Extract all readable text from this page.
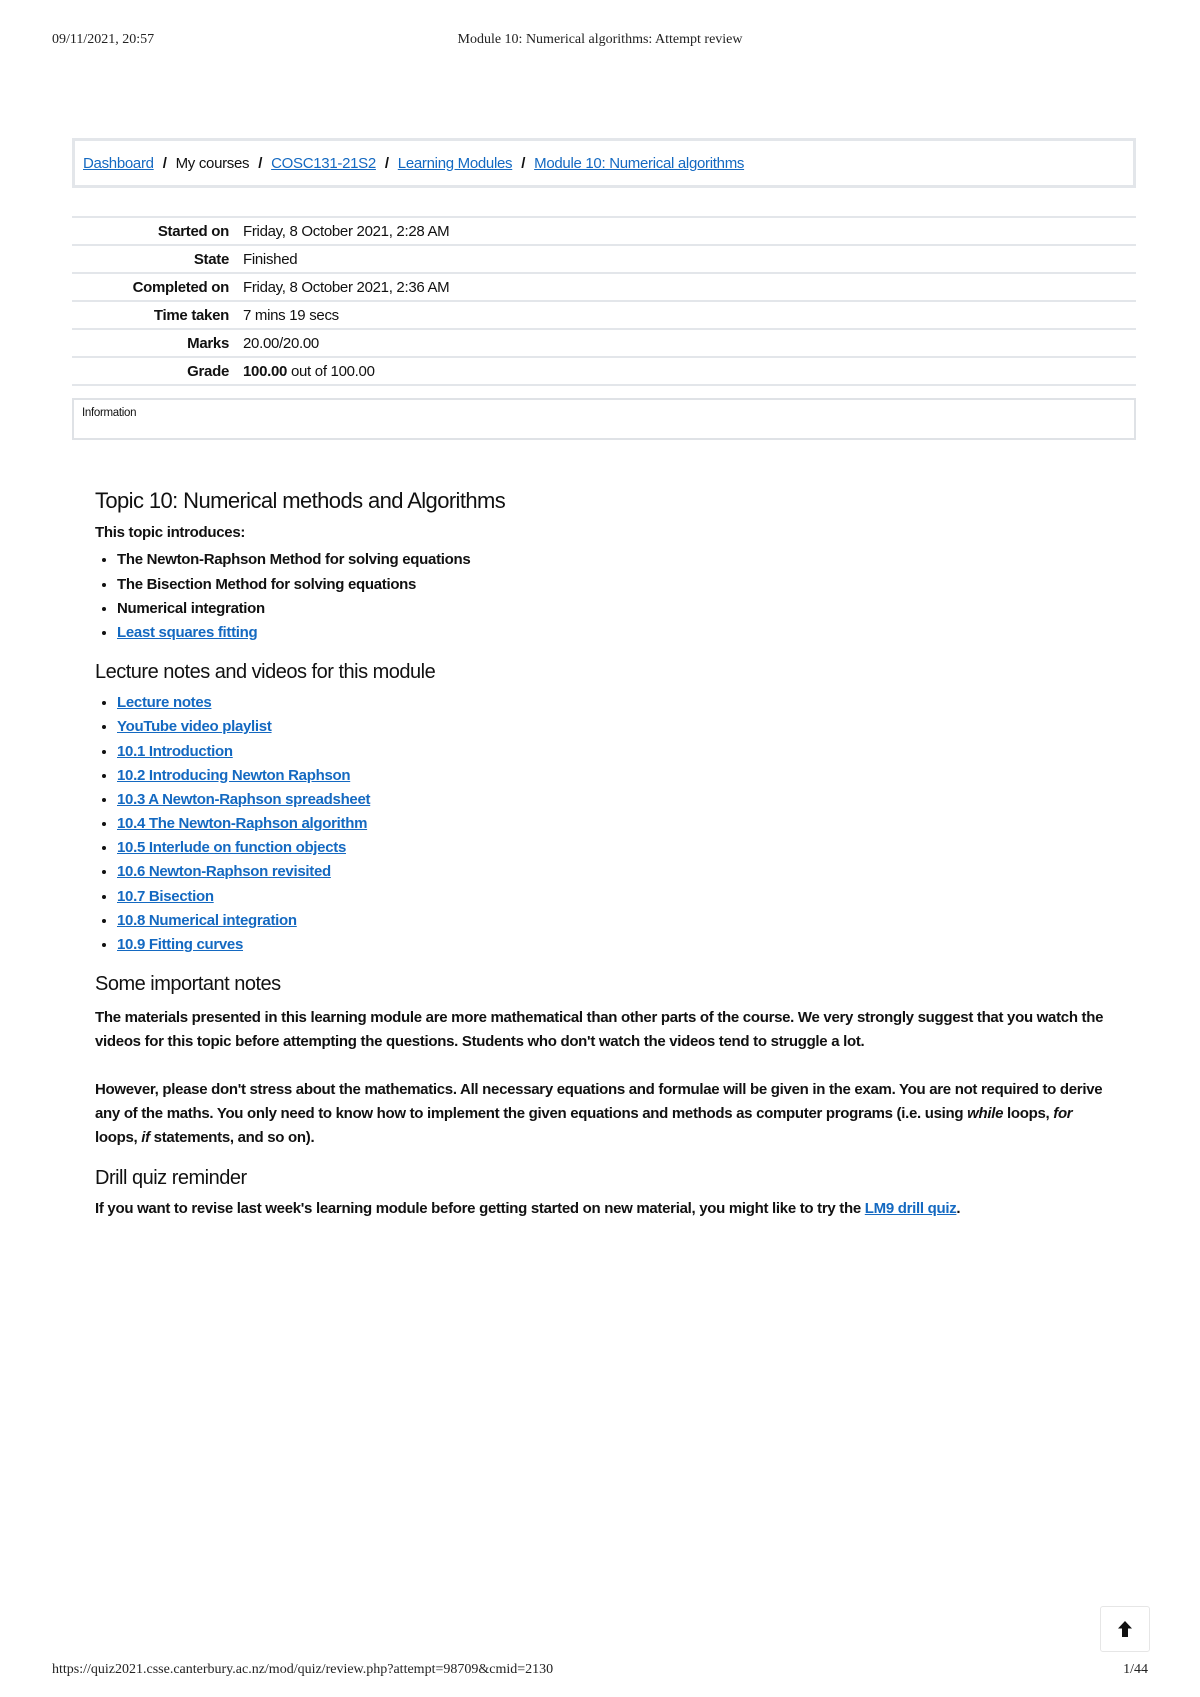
09/11/2021, 20:57	Module 10: Numerical algorithms: Attempt review
Dashboard / My courses / COSC131-21S2 / Learning Modules / Module 10: Numerical algorithms
Started on	Friday, 8 October 2021, 2:28 AM
State	Finished
Completed on	Friday, 8 October 2021, 2:36 AM
Time taken	7 mins 19 secs
Marks	20.00/20.00
Grade	100.00 out of 100.00
Information
Topic 10: Numerical methods and Algorithms

This topic introduces:

• The Newton-Raphson Method for solving equations
• The Bisection Method for solving equations
• Numerical integration
• Least squares fitting
Lecture notes and videos for this module
• Lecture notes
• YouTube video playlist
• 10.1 Introduction
• 10.2 Introducing Newton Raphson
• 10.3 A Newton-Raphson spreadsheet
• 10.4 The Newton-Raphson algorithm
• 10.5 Interlude on function objects
• 10.6 Newton-Raphson revisited
• 10.7 Bisection
• 10.8 Numerical integration
• 10.9 Fitting curves
Some important notes

The materials presented in this learning module are more mathematical than other parts of the course. We very strongly suggest that you watch the videos for this topic before attempting the questions. Students who don't watch the videos tend to struggle a lot.

However, please don't stress about the mathematics. All necessary equations and formulae will be given in the exam. You are not required to derive any of the maths. You only need to know how to implement the given equations and methods as computer programs (i.e. using while loops, for loops, if statements, and so on).

Drill quiz reminder

If you want to revise last week's learning module before getting started on new material, you might like to try the LM9 drill quiz.

https://quiz2021.csse.canterbury.ac.nz/mod/quiz/review.php?attempt=98709&cmid=2130	1/44
